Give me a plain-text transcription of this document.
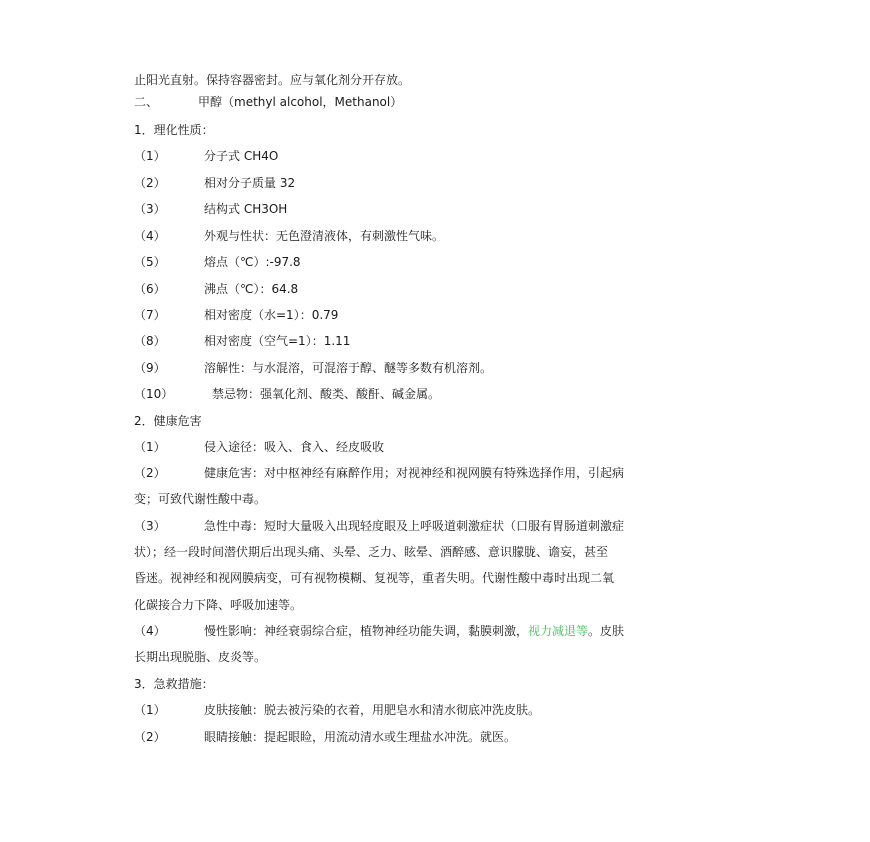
止阳光直射。保持容器密封。应与氧化剂分开存放。
二、	甲醇（methyl alcohol，Methanol）
1．理化性质：
（1）	分子式 CH4O
（2）	相对分子质量 32
（3）	结构式 CH3OH
（4）	外观与性状：无色澄清液体，有刺激性气味。
（5）	熔点（℃）:-97.8
（6）	沸点（℃）：64.8
（7）	相对密度（水=1）：0.79
（8）	相对密度（空气=1）：1.11
（9）	溶解性：与水混溶，可混溶于醇、醚等多数有机溶剂。
（10）	禁忌物：强氧化剂、酸类、酸酐、碱金属。
2．健康危害
（1）	侵入途径：吸入、食入、经皮吸收
（2）	健康危害：对中枢神经有麻醉作用；对视神经和视网膜有特殊选择作用，引起病
变；可致代谢性酸中毒。
（3）	急性中毒：短时大量吸入出现轻度眼及上呼吸道刺激症状（口服有胃肠道刺激症
状）；经一段时间潜伏期后出现头痛、头晕、乏力、眩晕、酒醉感、意识朦胧、谵妄，甚至
昏迷。视神经和视网膜病变，可有视物模糊、复视等，重者失明。代谢性酸中毒时出现二氧
化碳接合力下降、呼吸加速等。
（4）	慢性影响：神经衰弱综合症，植物神经功能失调，黏膜刺激，视力减退等。皮肤
长期出现脱脂、皮炎等。
3．急救措施：
（1）	皮肤接触：脱去被污染的衣着，用肥皂水和清水彻底冲洗皮肤。
（2）	眼睛接触：提起眼睑，用流动清水或生理盐水冲洗。就医。
